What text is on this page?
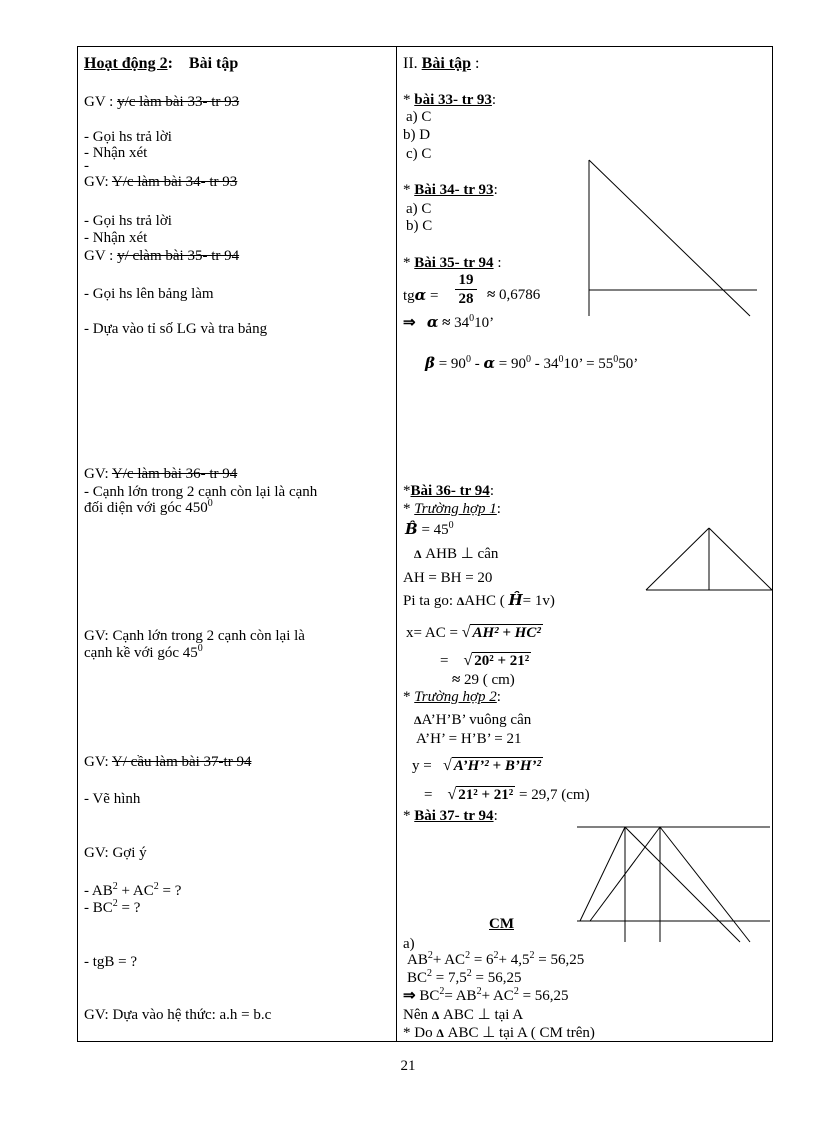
Hoạt động 2: Bài tập
GV : y/c làm bài 33- tr 93
- Gọi hs trả lời
- Nhận xét
-
GV: Y/c làm bài 34- tr 93
- Gọi hs trả lời
- Nhận xét
GV : y/ clàm bài 35- tr 94
- Gọi hs lên bảng làm
- Dựa vào tỉ số LG và tra bảng
GV: Y/c làm bài 36- tr 94
- Cạnh lớn trong 2 cạnh còn lại là cạnh
đối diện với góc $450^0$
GV: Cạnh lớn trong 2 cạnh còn lại là
cạnh kề với góc $45^0$
GV: Y/ cầu làm bài 37-tr 94
- Vẽ hình
GV: Gợi ý
- $AB^2 + AC^2$ = ?
- $BC^2$ = ?
- tgB = ?
GV: Dựa vào hệ thức: a.h = b.c
II. Bài tập :
* bài 33- tr 93:
a) C
b) D
c) C
* Bài 34- tr 93:
a) C
b) C
* Bài 35- tr 94 :
tgα =
19
28 ≈ 0,6786
⇒ $\alpha \approx 34^010$’
$\beta = 90^0 - \alpha = 90^0 - 34^010$’ = $55^050$’
*Bài 36- tr 94:
* Trường hợp 1:
B̂ = $45^0$
Δ AHB ⊥ cân
AH = BH = 20
Pi ta go: ΔAHC ( Ĥ= 1v)
x= AC = √ AH² + HC²
= √ 20² + 21²
≈ 29 ( cm)
* Trường hợp 2:
ΔA’H’B’ vuông cân
A’H’ = H’B’ = 21
y =   √ A’H’² + B’H’²
= √ 21² + 21² = 29,7 (cm)
* Bài 37- tr 94:
CM
a)
$AB^2+ AC^2 = 6^2+ 4,5^2 = 56,25$
$BC^2 = 7,5^2 = 56,25$
⇒ $BC^2= AB^2+ AC^2 = 56,25$
Nên Δ ABC ⊥ tại A
* Do Δ ABC ⊥ tại A ( CM trên)
21
